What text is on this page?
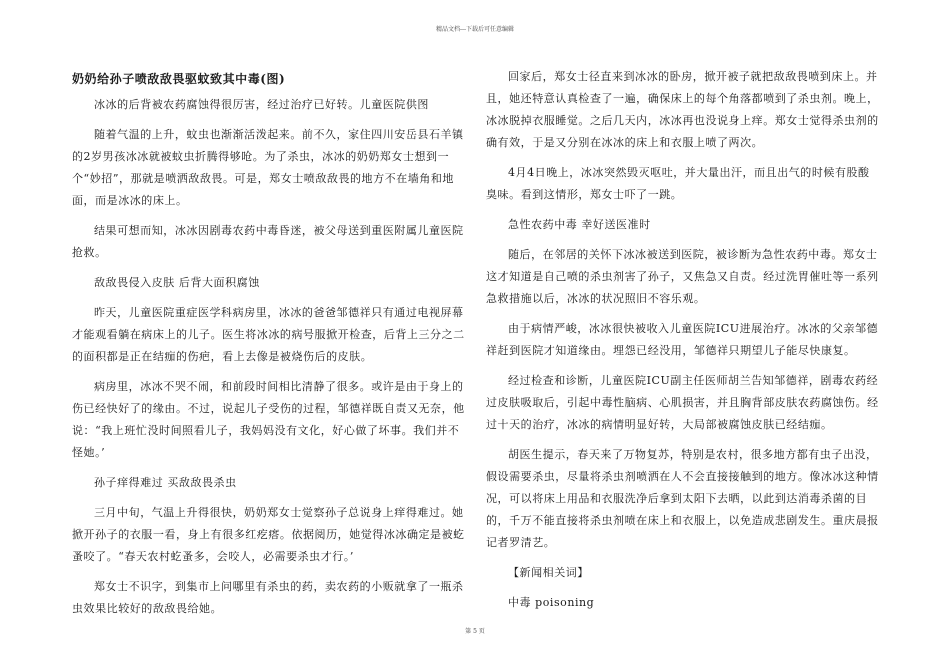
精品文档---下载后可任意编辑

奶奶给孙子喷敌敌畏驱蚊致其中毒(图)

冰冰的后背被农药腐蚀得很厉害，经过治疗已好转。儿童医院供图

随着气温的上升，蚊虫也渐渐活泼起来。前不久，家住四川安岳县石羊镇的2岁男孩冰冰就被蚊虫折腾得够呛。为了杀虫，冰冰的奶奶郑女士想到一个“妙招”，那就是喷洒敌敌畏。可是，郑女士喷敌敌畏的地方不在墙角和地面，而是冰冰的床上。

结果可想而知，冰冰因剧毒农药中毒昏迷，被父母送到重医附属儿童医院抢救。

敌敌畏侵入皮肤 后背大面积腐蚀

昨天，儿童医院重症医学科病房里，冰冰的爸爸邹德祥只有通过电视屏幕才能观看躺在病床上的儿子。医生将冰冰的病号服掀开检查，后背上三分之二的面积都是正在结痂的伤疤，看上去像是被烧伤后的皮肤。

病房里，冰冰不哭不闹，和前段时间相比清静了很多。或许是由于身上的伤已经快好了的缘由。不过，说起儿子受伤的过程，邹德祥既自责又无奈，他说：“我上班忙没时间照看儿子，我妈妈没有文化，好心做了坏事。我们并不怪她。’

孙子痒得难过 买敌敌畏杀虫

三月中旬，气温上升得很快，奶奶郑女士觉察孙子总说身上痒得难过。她掀开孙子的衣服一看，身上有很多红疙瘩。依据阅历，她觉得冰冰确定是被虼蚤咬了。“春天农村虼蚤多，会咬人，必需要杀虫才行。’

郑女士不识字，到集市上问哪里有杀虫的药，卖农药的小贩就拿了一瓶杀虫效果比较好的敌敌畏给她。

回家后，郑女士径直来到冰冰的卧房，掀开被子就把敌敌畏喷到床上。并且，她还特意认真检查了一遍，确保床上的每个角落都喷到了杀虫剂。晚上，冰冰脱掉衣服睡觉。之后几天内，冰冰再也没说身上痒。郑女士觉得杀虫剂的确有效，于是又分别在冰冰的床上和衣服上喷了两次。

4月4日晚上，冰冰突然毁灭呕吐，并大量出汗，而且出气的时候有股酸臭味。看到这情形，郑女士吓了一跳。

急性农药中毒 幸好送医准时

随后，在邻居的关怀下冰冰被送到医院，被诊断为急性农药中毒。郑女士这才知道是自己喷的杀虫剂害了孙子，又焦急又自责。经过洗胃催吐等一系列急救措施以后，冰冰的状况照旧不容乐观。

由于病情严峻，冰冰很快被收入儿童医院ICU进展治疗。冰冰的父亲邹德祥赶到医院才知道缘由。埋怨已经没用，邹德祥只期望儿子能尽快康复。

经过检查和诊断，儿童医院ICU副主任医师胡兰告知邹德祥，剧毒农药经过皮肤吸取后，引起中毒性脑病、心肌损害，并且胸背部皮肤农药腐蚀伤。经过十天的治疗，冰冰的病情明显好转，大局部被腐蚀皮肤已经结痂。

胡医生提示，春天来了万物复苏，特别是农村，很多地方都有虫子出没，假设需要杀虫，尽量将杀虫剂喷洒在人不会直接接触到的地方。像冰冰这种情况，可以将床上用品和衣服洗净后拿到太阳下去晒，以此到达消毒杀菌的目的，千万不能直接将杀虫剂喷在床上和衣服上，以免造成悲剧发生。重庆晨报记者罗清艺。

【新闻相关词】

中毒 poisoning

第 5 页
